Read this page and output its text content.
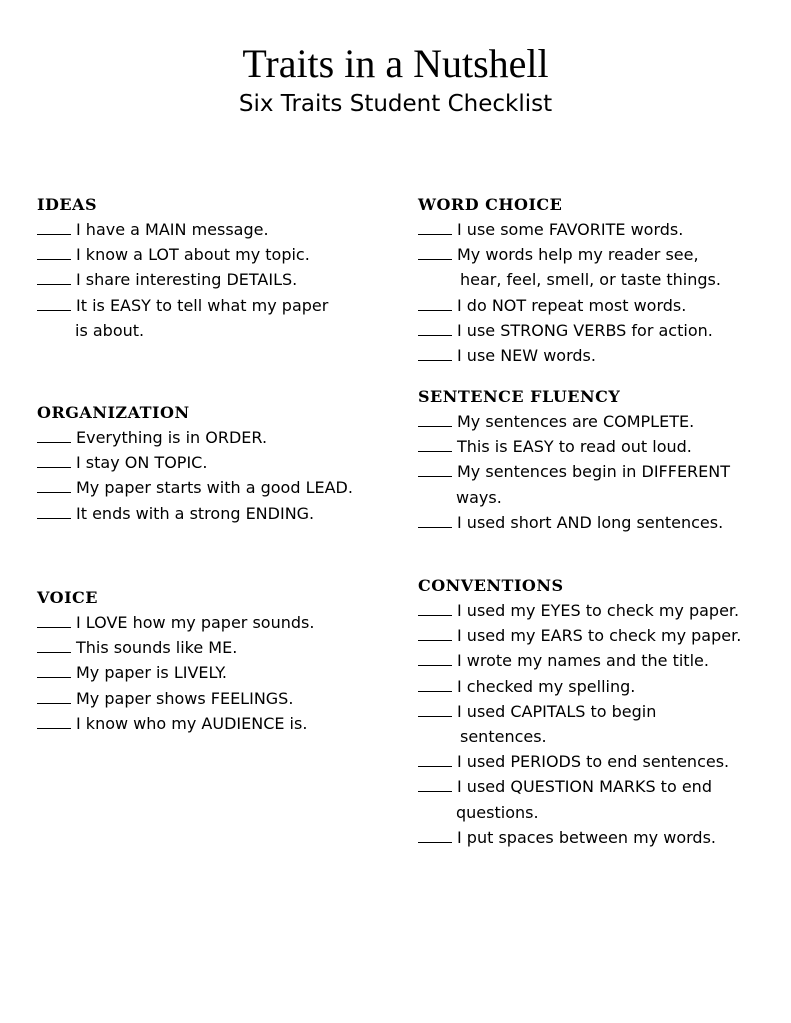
Traits in a Nutshell
Six Traits Student Checklist
IDEAS
I have a MAIN message.
I know a LOT about my topic.
I share interesting DETAILS.
It is EASY to tell what my paper
is about.
ORGANIZATION
Everything is in ORDER.
I stay ON TOPIC.
My paper starts with a good LEAD.
It ends with a strong ENDING.
VOICE
I LOVE how my paper sounds.
This sounds like ME.
My paper is LIVELY.
My paper shows FEELINGS.
I know who my AUDIENCE is.
WORD CHOICE
I use some FAVORITE words.
My words help my reader see,
hear, feel, smell, or taste things.
I do NOT repeat most words.
I use STRONG VERBS for action.
I use NEW words.
SENTENCE FLUENCY
My sentences are COMPLETE.
This is EASY to read out loud.
My sentences begin in DIFFERENT
ways.
I used short AND long sentences.
CONVENTIONS
I used my EYES to check my paper.
I used my EARS to check my paper.
I wrote my names and the title.
I checked my spelling.
I used CAPITALS to begin
sentences.
I used PERIODS to end sentences.
I used QUESTION MARKS to end
questions.
I put spaces between my words.
